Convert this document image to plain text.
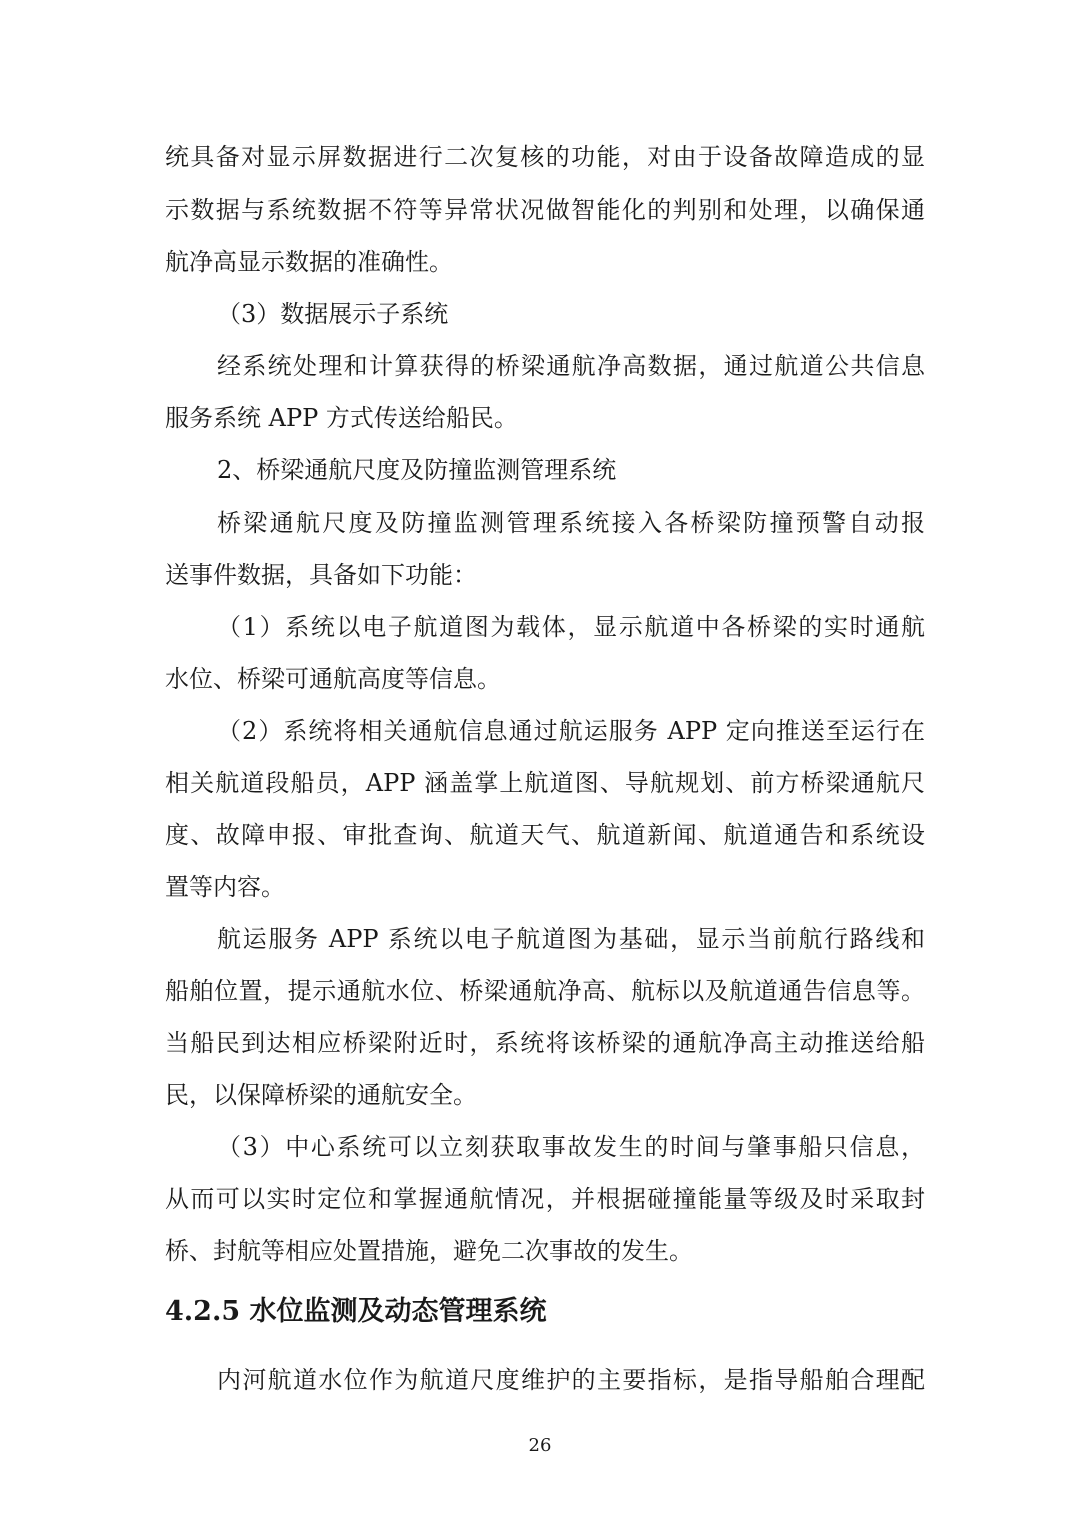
统具备对显示屏数据进行二次复核的功能，对由于设备故障造成的显
示数据与系统数据不符等异常状况做智能化的判别和处理，以确保通
航净高显示数据的准确性。
（3）数据展示子系统
经系统处理和计算获得的桥梁通航净高数据，通过航道公共信息
服务系统 APP 方式传送给船民。
2、桥梁通航尺度及防撞监测管理系统
桥梁通航尺度及防撞监测管理系统接入各桥梁防撞预警自动报
送事件数据，具备如下功能：
（1）系统以电子航道图为载体，显示航道中各桥梁的实时通航
水位、桥梁可通航高度等信息。
（2）系统将相关通航信息通过航运服务 APP 定向推送至运行在
相关航道段船员，APP 涵盖掌上航道图、导航规划、前方桥梁通航尺
度、故障申报、审批查询、航道天气、航道新闻、航道通告和系统设
置等内容。
航运服务 APP 系统以电子航道图为基础，显示当前航行路线和
船舶位置，提示通航水位、桥梁通航净高、航标以及航道通告信息等。
当船民到达相应桥梁附近时，系统将该桥梁的通航净高主动推送给船
民，以保障桥梁的通航安全。
（3）中心系统可以立刻获取事故发生的时间与肇事船只信息，
从而可以实时定位和掌握通航情况，并根据碰撞能量等级及时采取封
桥、封航等相应处置措施，避免二次事故的发生。
4.2.5 水位监测及动态管理系统
内河航道水位作为航道尺度维护的主要指标，是指导船舶合理配
26
